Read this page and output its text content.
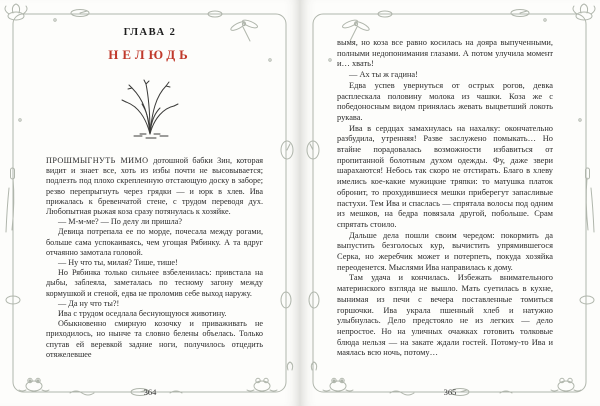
ГЛАВА 2
НЕЛЮДЬ

ПРОШМЫГНУТЬ МИМО дотошной бабки Зин, которая видит и знает все, хоть из избы почти не высовывается; подлезть под плохо скрепленную отстающую доску в заборе; резво перепрыгнуть через грядки — и юрк в хлев. Ива прижалась к бревенчатой стене, с трудом переводя дух. Любопытная рыжая коза сразу потянулась к хозяйке.

— М-м-ме? — По делу ли пришла?

Девица потрепала ее по морде, почесала между рогами, больше сама успокаиваясь, чем угощая Рябинку. А та вдруг отчаянно замотала головой.

— Ну что ты, милая? Тише, тише!

Но Рябинка только сильнее взбеленилась: привстала на дыбы, заблеяла, заметалась по тесному загону между кормушкой и стеной, едва не проломив себе выход наружу.

— Да ну что ты?!

Ива с трудом оседлала беснующуюся животину.

Обыкновенно смирную козочку и приваживать не приходилось, но нынче та словно белены объелась. Только спутав ей веревкой задние ноги, получилось отцедить отяжелевшее

364

вымя, но коза все равно косилась на дояра выпученными, полными недопонимания глазами. А потом улучила момент и… хвать!

— Ах ты ж гадина!

Едва успев увернуться от острых рогов, девка расплескала половину молока из чашки. Коза же с победоносным видом принялась жевать выцветший локоть рукава.

Ива в сердцах замахнулась на нахалку: окончательно разбудила, утренняя! Разве заслужено помыкать… Но втайне порадовалась возможности избавиться от пропитанной болотным духом одежды. Фу, даже звери шарахаются! Небось так скоро не отстирать. Благо в хлеву имелись кое-какие мужицкие тряпки: то матушка платок обронит, то прохудившиеся мешки приберегут запасливые пастухи. Тем Ива и спаслась — спрятала волосы под одним из мешков, на бедра повязала другой, побольше. Срам спрятать стоило.

Дальше дела пошли своим чередом: покормить да выпустить безголосых кур, вычистить упрямившегося Серка, но жеребчик может и потерпеть, покуда хозяйка переоденется. Мыслями Ива направилась к дому.

Там удача и кончилась. Избежать внимательного материнского взгляда не вышло. Мать суетилась в кухне, вынимая из печи с вечера поставленные томиться горшочки. Ива украла пшенный хлеб и натужно улыбнулась. Дело предстояло не из легких — дело непростое. Но на уличных очажках готовить толковые блюда нельзя — на закате ждали гостей. Потому-то Ива и маялась всю ночь, потому…

365
